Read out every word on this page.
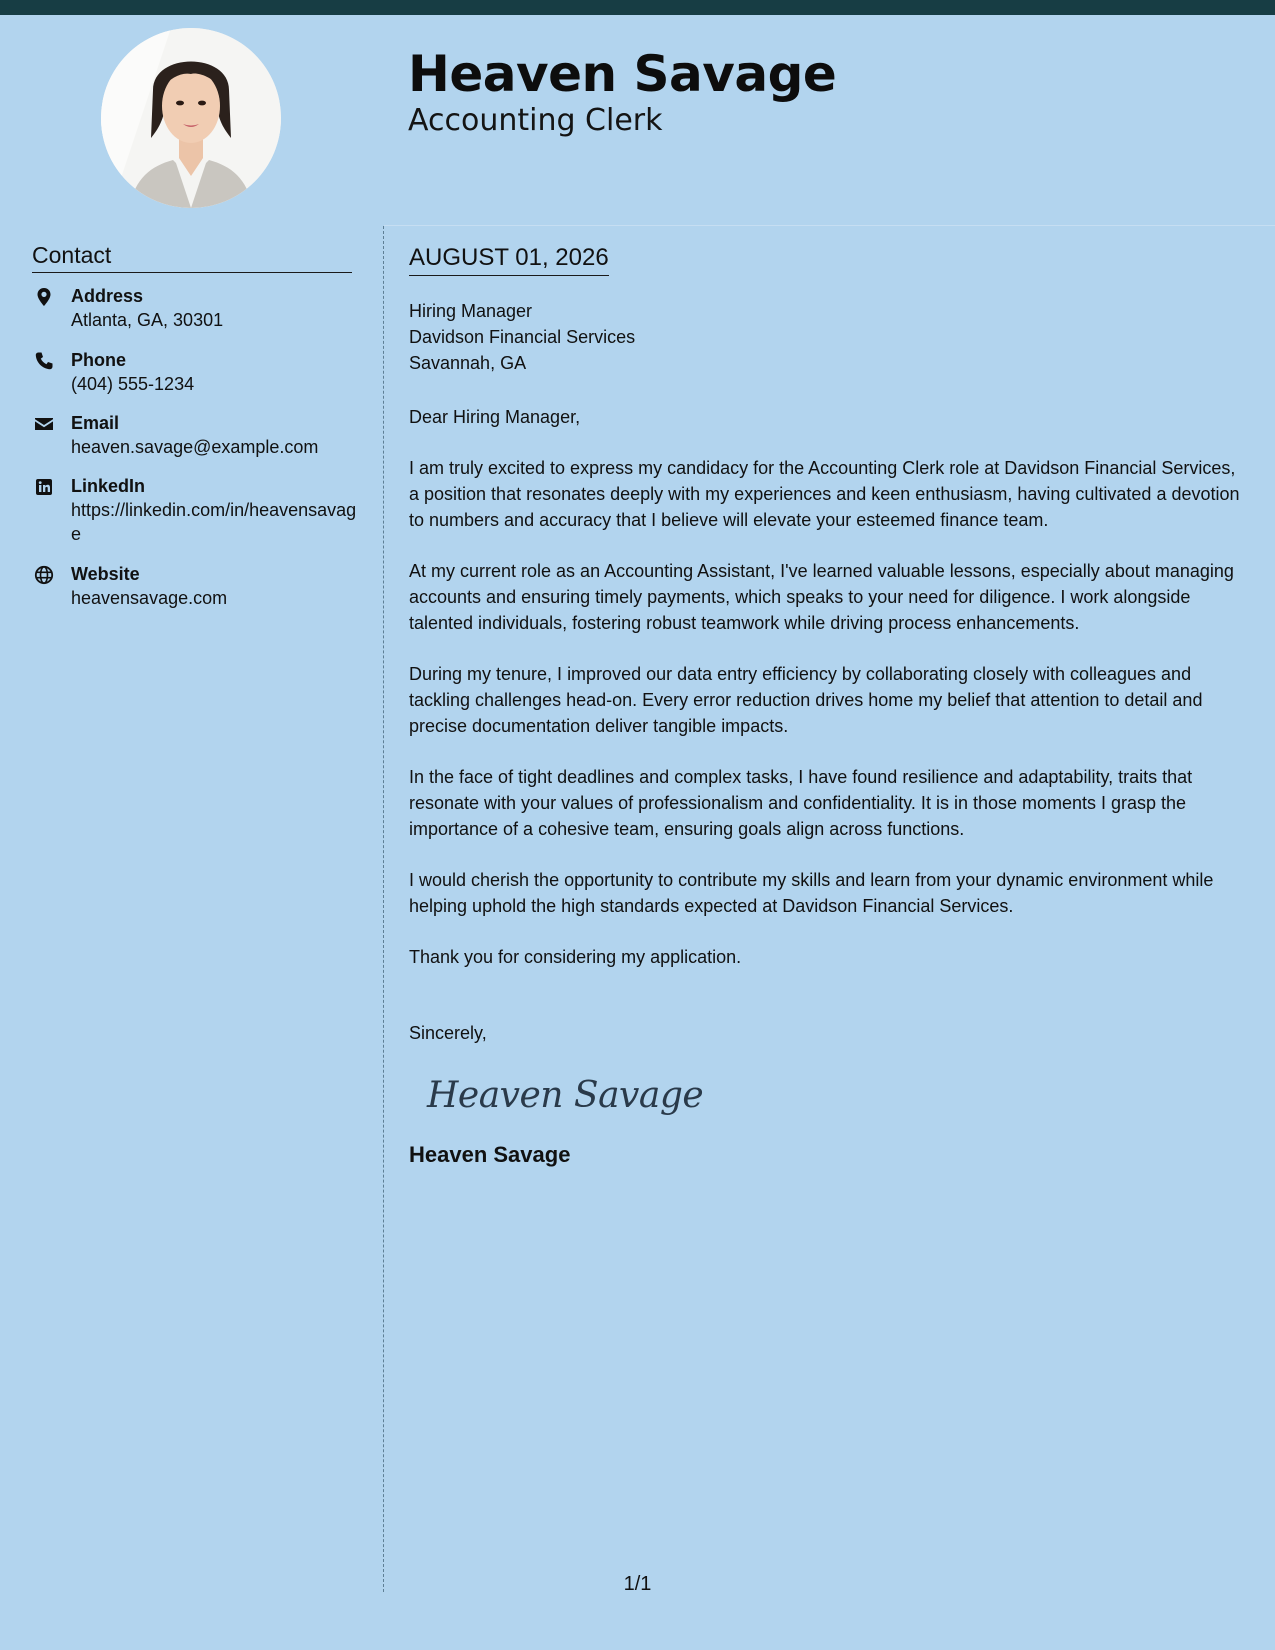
Heaven Savage
Accounting Clerk
Contact
Address
Atlanta, GA, 30301
Phone
(404) 555-1234
Email
heaven.savage@example.com
LinkedIn
https://linkedin.com/in/heavensavage
Website
heavensavage.com
AUGUST 01, 2026

Hiring Manager
Davidson Financial Services
Savannah, GA

Dear Hiring Manager,

I am truly excited to express my candidacy for the Accounting Clerk role at Davidson Financial Services, a position that resonates deeply with my experiences and keen enthusiasm, having cultivated a devotion to numbers and accuracy that I believe will elevate your esteemed finance team.

At my current role as an Accounting Assistant, I've learned valuable lessons, especially about managing accounts and ensuring timely payments, which speaks to your need for diligence. I work alongside talented individuals, fostering robust teamwork while driving process enhancements.

During my tenure, I improved our data entry efficiency by collaborating closely with colleagues and tackling challenges head-on. Every error reduction drives home my belief that attention to detail and precise documentation deliver tangible impacts.

In the face of tight deadlines and complex tasks, I have found resilience and adaptability, traits that resonate with your values of professionalism and confidentiality. It is in those moments I grasp the importance of a cohesive team, ensuring goals align across functions.

I would cherish the opportunity to contribute my skills and learn from your dynamic environment while helping uphold the high standards expected at Davidson Financial Services.

Thank you for considering my application.

Sincerely,

Heaven Savage
Heaven Savage
1/1
